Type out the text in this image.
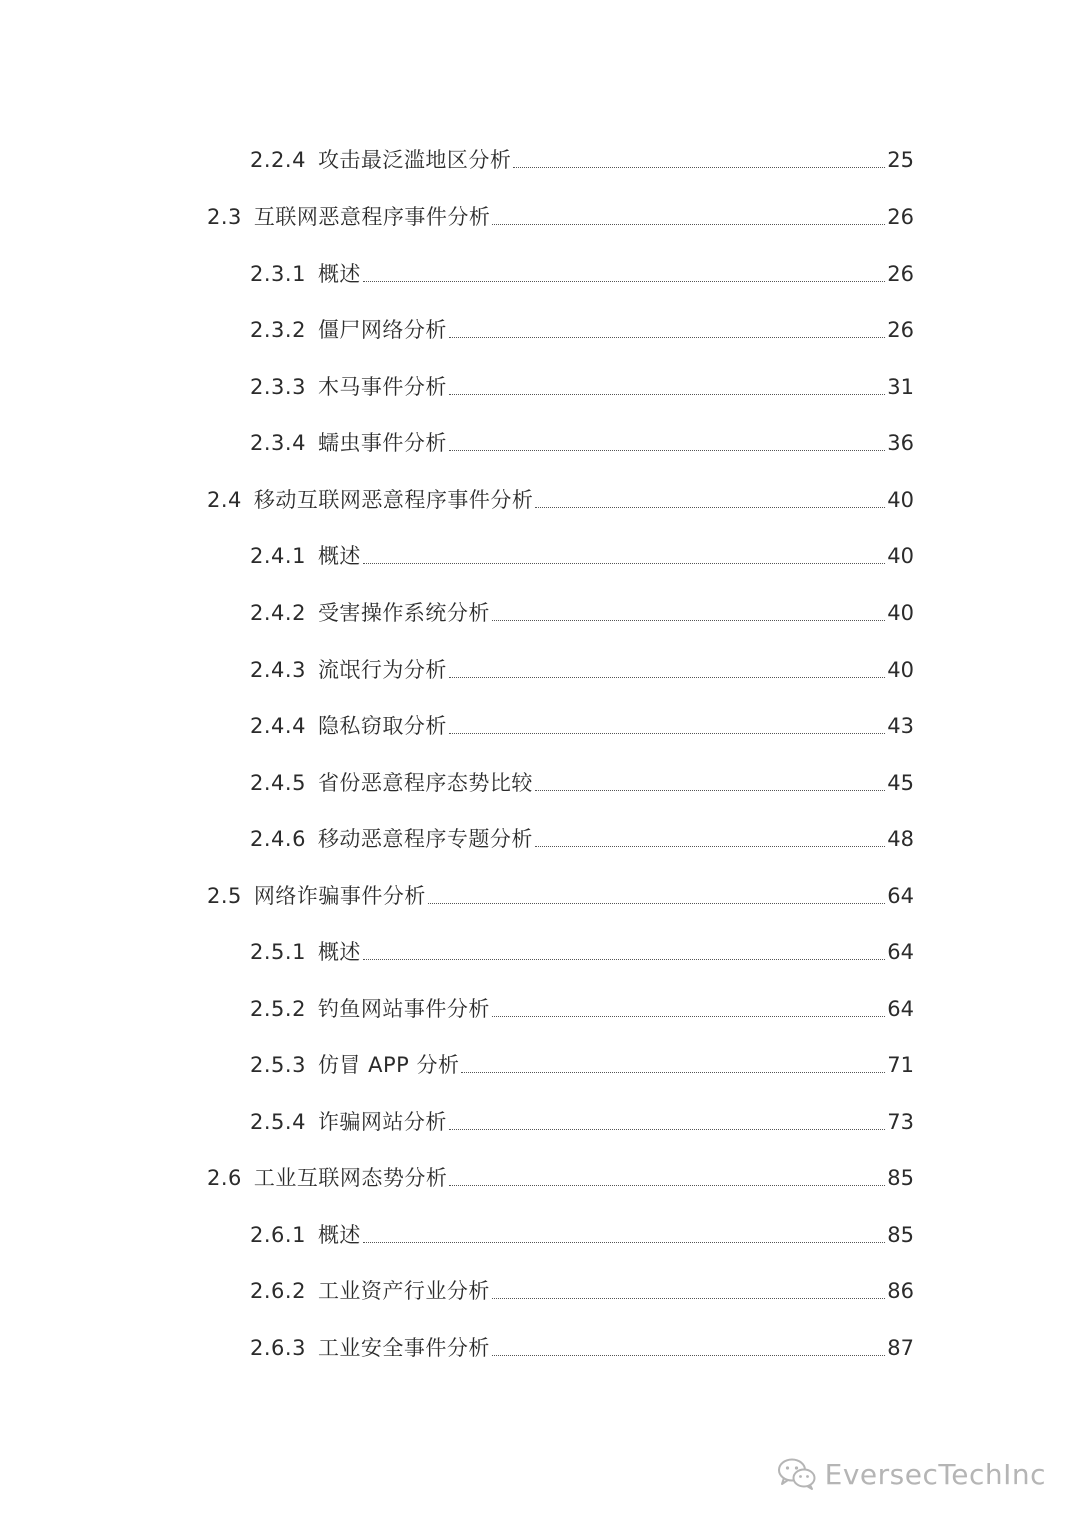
2.2.4 攻击最泛滥地区分析	25
2.3 互联网恶意程序事件分析	26
2.3.1 概述	26
2.3.2 僵尸网络分析	26
2.3.3 木马事件分析	31
2.3.4 蠕虫事件分析	36
2.4 移动互联网恶意程序事件分析	40
2.4.1 概述	40
2.4.2 受害操作系统分析	40
2.4.3 流氓行为分析	40
2.4.4 隐私窃取分析	43
2.4.5 省份恶意程序态势比较	45
2.4.6 移动恶意程序专题分析	48
2.5 网络诈骗事件分析	64
2.5.1 概述	64
2.5.2 钓鱼网站事件分析	64
2.5.3 仿冒 APP 分析	71
2.5.4 诈骗网站分析	73
2.6 工业互联网态势分析	85
2.6.1 概述	85
2.6.2 工业资产行业分析	86
2.6.3 工业安全事件分析	87
EversecTechInc
